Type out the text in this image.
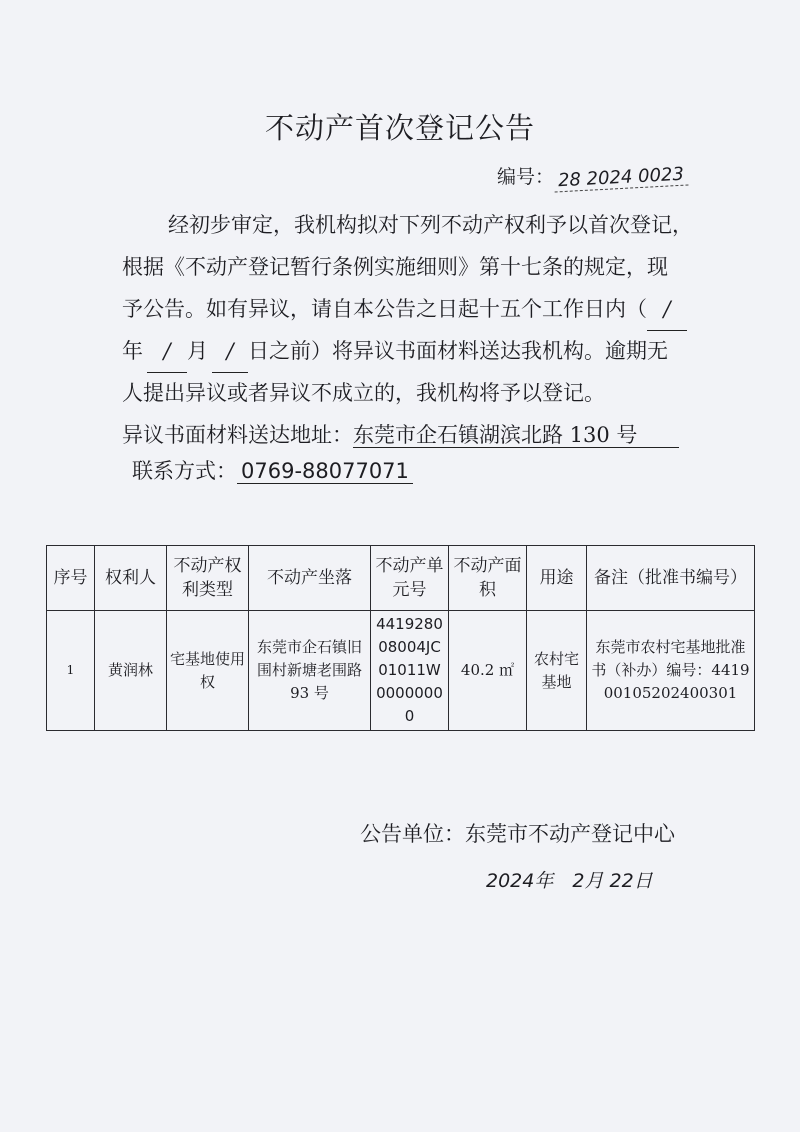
不动产首次登记公告
编号： 28 2024 0023
经初步审定，我机构拟对下列不动产权利予以首次登记，
根据《不动产登记暂行条例实施细则》第十七条的规定，现
予公告。如有异议，请自本公告之日起十五个工作日内（ /
年 / 月 / 日之前）将异议书面材料送达我机构。逾期无
人提出异议或者异议不成立的，我机构将予以登记。
异议书面材料送达地址：东莞市企石镇湖滨北路 130 号
联系方式： 0769-88077071
序号	权利人	不动产权利类型	不动产坐落	不动产单元号	不动产面积	用途	备注（批准书编号）
1	黄润林	宅基地使用权	东莞市企石镇旧围村新塘老围路 93 号	441928008004JC01011W00000000	40.2 ㎡	农村宅基地	东莞市农村宅基地批准书（补办）编号：441900105202400301
公告单位：东莞市不动产登记中心
2024年　2月 22日
